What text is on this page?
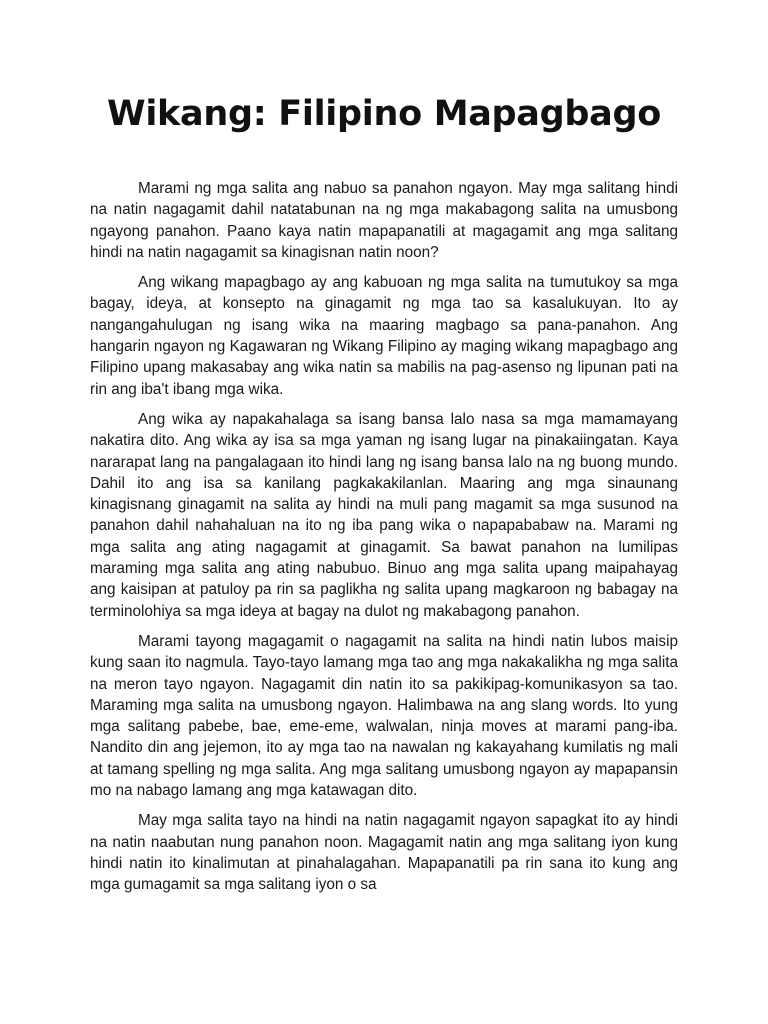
Wikang: Filipino Mapagbago

Marami ng mga salita ang nabuo sa panahon ngayon. May mga salitang hindi na natin nagagamit dahil natatabunan na ng mga makabagong salita na umusbong ngayong panahon. Paano kaya natin mapapanatili at magagamit ang mga salitang hindi na natin nagagamit sa kinagisnan natin noon?

Ang wikang mapagbago ay ang kabuoan ng mga salita na tumutukoy sa mga bagay, ideya, at konsepto na ginagamit ng mga tao sa kasalukuyan. Ito ay nangangahulugan ng isang wika na maaring magbago sa pana-panahon. Ang hangarin ngayon ng Kagawaran ng Wikang Filipino ay maging wikang mapagbago ang Filipino upang makasabay ang wika natin sa mabilis na pag-asenso ng lipunan pati na rin ang iba't ibang mga wika.

Ang wika ay napakahalaga sa isang bansa lalo nasa sa mga mamamayang nakatira dito. Ang wika ay isa sa mga yaman ng isang lugar na pinakaiingatan. Kaya nararapat lang na pangalagaan ito hindi lang ng isang bansa lalo na ng buong mundo. Dahil ito ang isa sa kanilang pagkakakilanlan. Maaring ang mga sinaunang kinagisnang ginagamit na salita ay hindi na muli pang magamit sa mga susunod na panahon dahil nahahaluan na ito ng iba pang wika o napapababaw na. Marami ng mga salita ang ating nagagamit at ginagamit. Sa bawat panahon na lumilipas maraming mga salita ang ating nabubuo. Binuo ang mga salita upang maipahayag ang kaisipan at patuloy pa rin sa paglikha ng salita upang magkaroon ng babagay na terminolohiya sa mga ideya at bagay na dulot ng makabagong panahon.

Marami tayong magagamit o nagagamit na salita na hindi natin lubos maisip kung saan ito nagmula. Tayo-tayo lamang mga tao ang mga nakakalikha ng mga salita na meron tayo ngayon. Nagagamit din natin ito sa pakikipag-komunikasyon sa tao. Maraming mga salita na umusbong ngayon. Halimbawa na ang slang words. Ito yung mga salitang pabebe, bae, eme-eme, walwalan, ninja moves at marami pang-iba. Nandito din ang jejemon, ito ay mga tao na nawalan ng kakayahang kumilatis ng mali at tamang spelling ng mga salita. Ang mga salitang umusbong ngayon ay mapapansin mo na nabago lamang ang mga katawagan dito.

May mga salita tayo na hindi na natin nagagamit ngayon sapagkat ito ay hindi na natin naabutan nung panahon noon. Magagamit natin ang mga salitang iyon kung hindi natin ito kinalimutan at pinahalagahan. Mapapanatili pa rin sana ito kung ang mga gumagamit sa mga salitang iyon o sa
